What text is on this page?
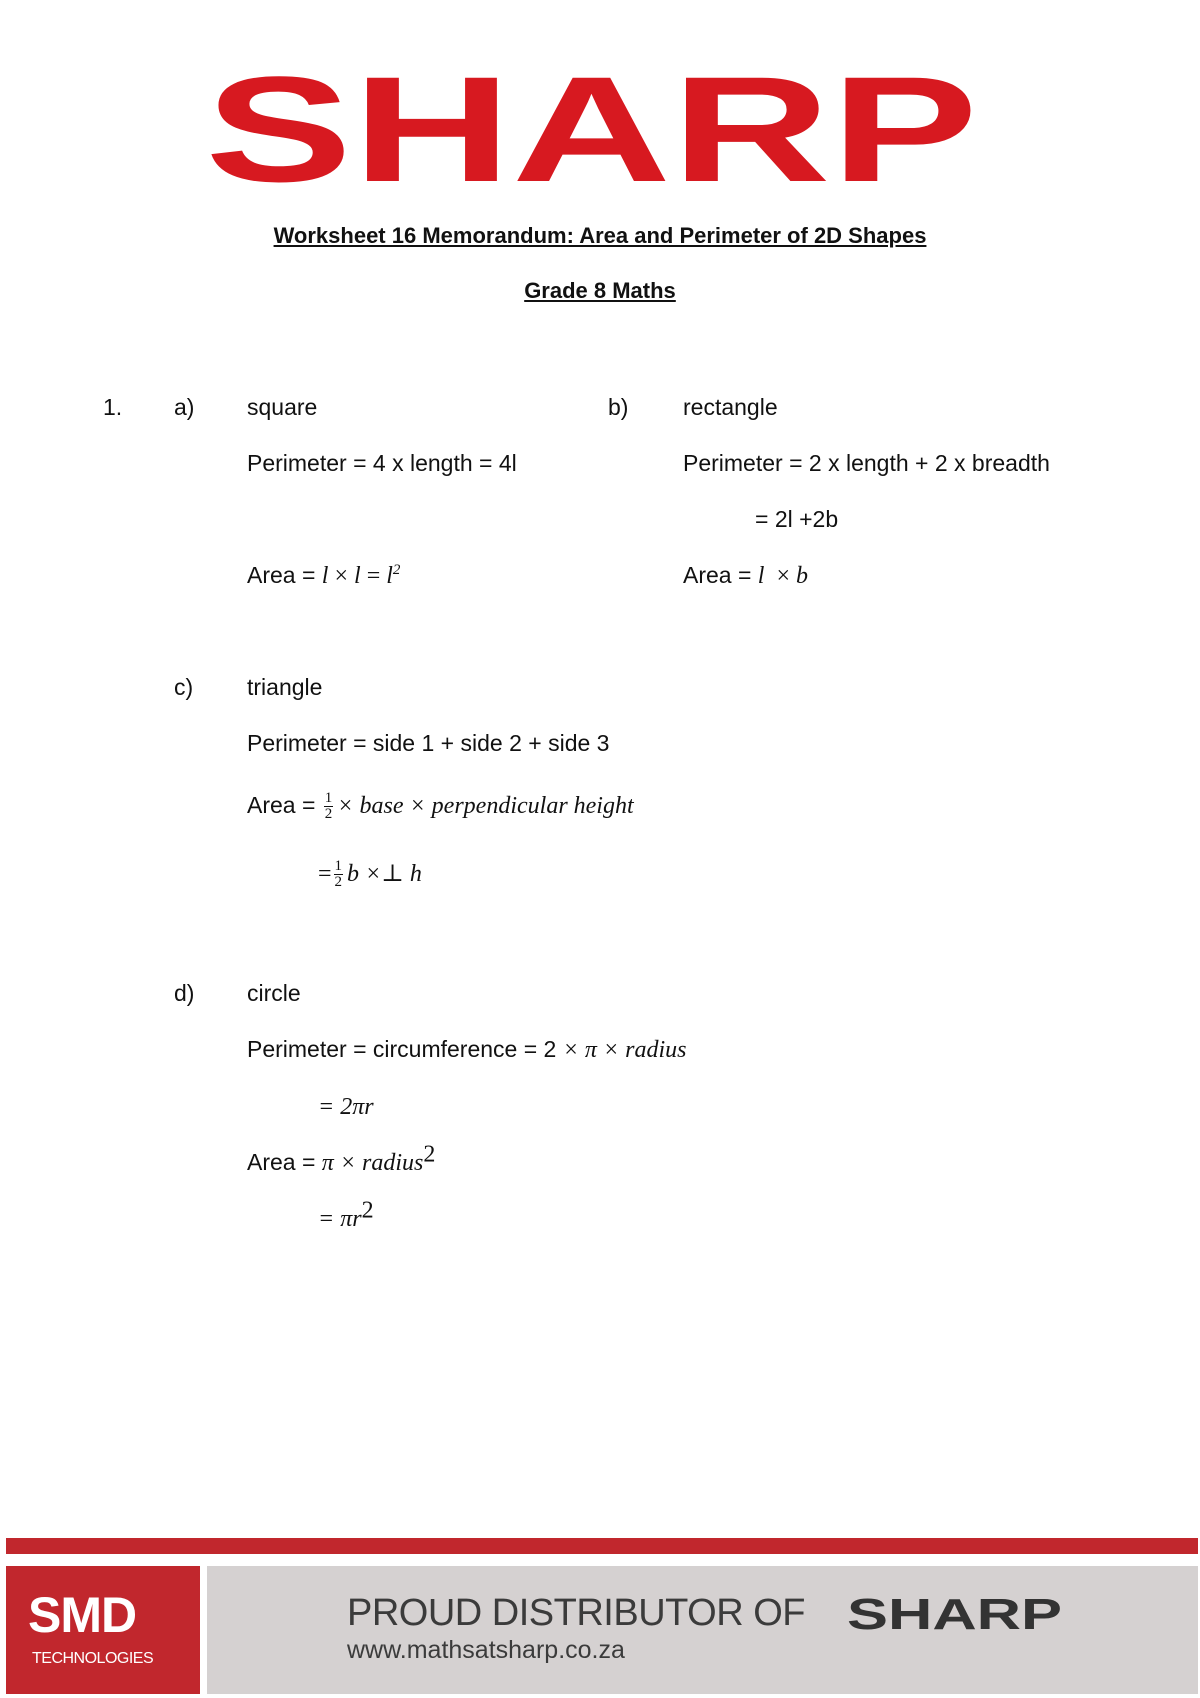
SHARP
Worksheet 16 Memorandum: Area and Perimeter of 2D Shapes
Grade 8 Maths
1. a) square
Perimeter = 4 x length = 4l
Area = $l \times l = l^2$
b) rectangle
Perimeter = 2 x length + 2 x breadth
= 2l +2b
Area = l  × b
c) triangle
Perimeter = side 1 + side 2 + side 3
Area = $\frac{1}{2}$ × base × perpendicular height
= $\frac{1}{2}$ b ×⊥ h
d) circle
Perimeter = circumference = 2 × π × radius
= 2πr
Area = π × radius$^2$
= $\pi r^2$
SMD
TECHNOLOGIES
PROUD DISTRIBUTOR OF SHARP
www.mathsatsharp.co.za
